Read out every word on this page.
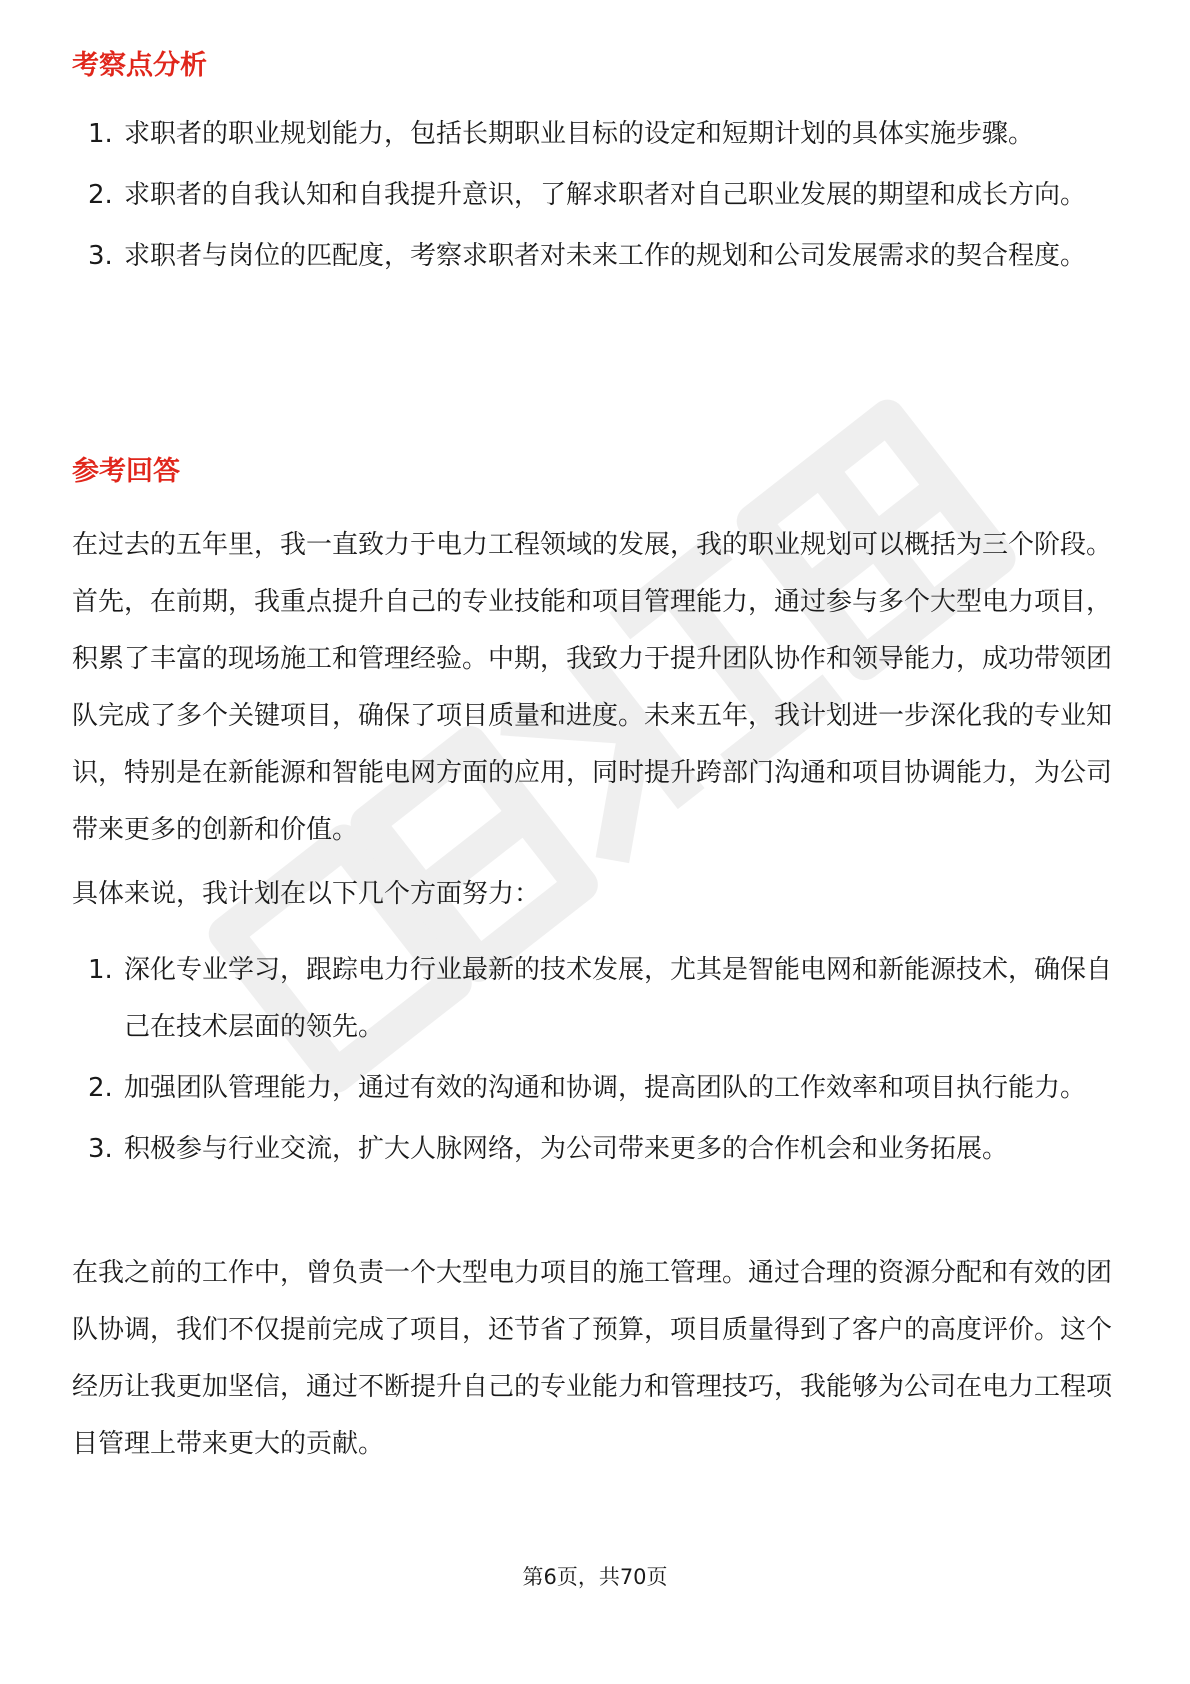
考察点分析
1. 求职者的职业规划能力，包括长期职业目标的设定和短期计划的具体实施步骤。
2. 求职者的自我认知和自我提升意识，了解求职者对自己职业发展的期望和成长方向。
3. 求职者与岗位的匹配度，考察求职者对未来工作的规划和公司发展需求的契合程度。
参考回答

在过去的五年里，我一直致力于电力工程领域的发展，我的职业规划可以概括为三个阶段。首先，在前期，我重点提升自己的专业技能和项目管理能力，通过参与多个大型电力项目，积累了丰富的现场施工和管理经验。中期，我致力于提升团队协作和领导能力，成功带领团队完成了多个关键项目，确保了项目质量和进度。未来五年，我计划进一步深化我的专业知识，特别是在新能源和智能电网方面的应用，同时提升跨部门沟通和项目协调能力，为公司带来更多的创新和价值。

具体来说，我计划在以下几个方面努力：

1. 深化专业学习，跟踪电力行业最新的技术发展，尤其是智能电网和新能源技术，确保自己在技术层面的领先。
2. 加强团队管理能力，通过有效的沟通和协调，提高团队的工作效率和项目执行能力。
3. 积极参与行业交流，扩大人脉网络，为公司带来更多的合作机会和业务拓展。

在我之前的工作中，曾负责一个大型电力项目的施工管理。通过合理的资源分配和有效的团队协调，我们不仅提前完成了项目，还节省了预算，项目质量得到了客户的高度评价。这个经历让我更加坚信，通过不断提升自己的专业能力和管理技巧，我能够为公司在电力工程项目管理上带来更大的贡献。

第6页，共70页
